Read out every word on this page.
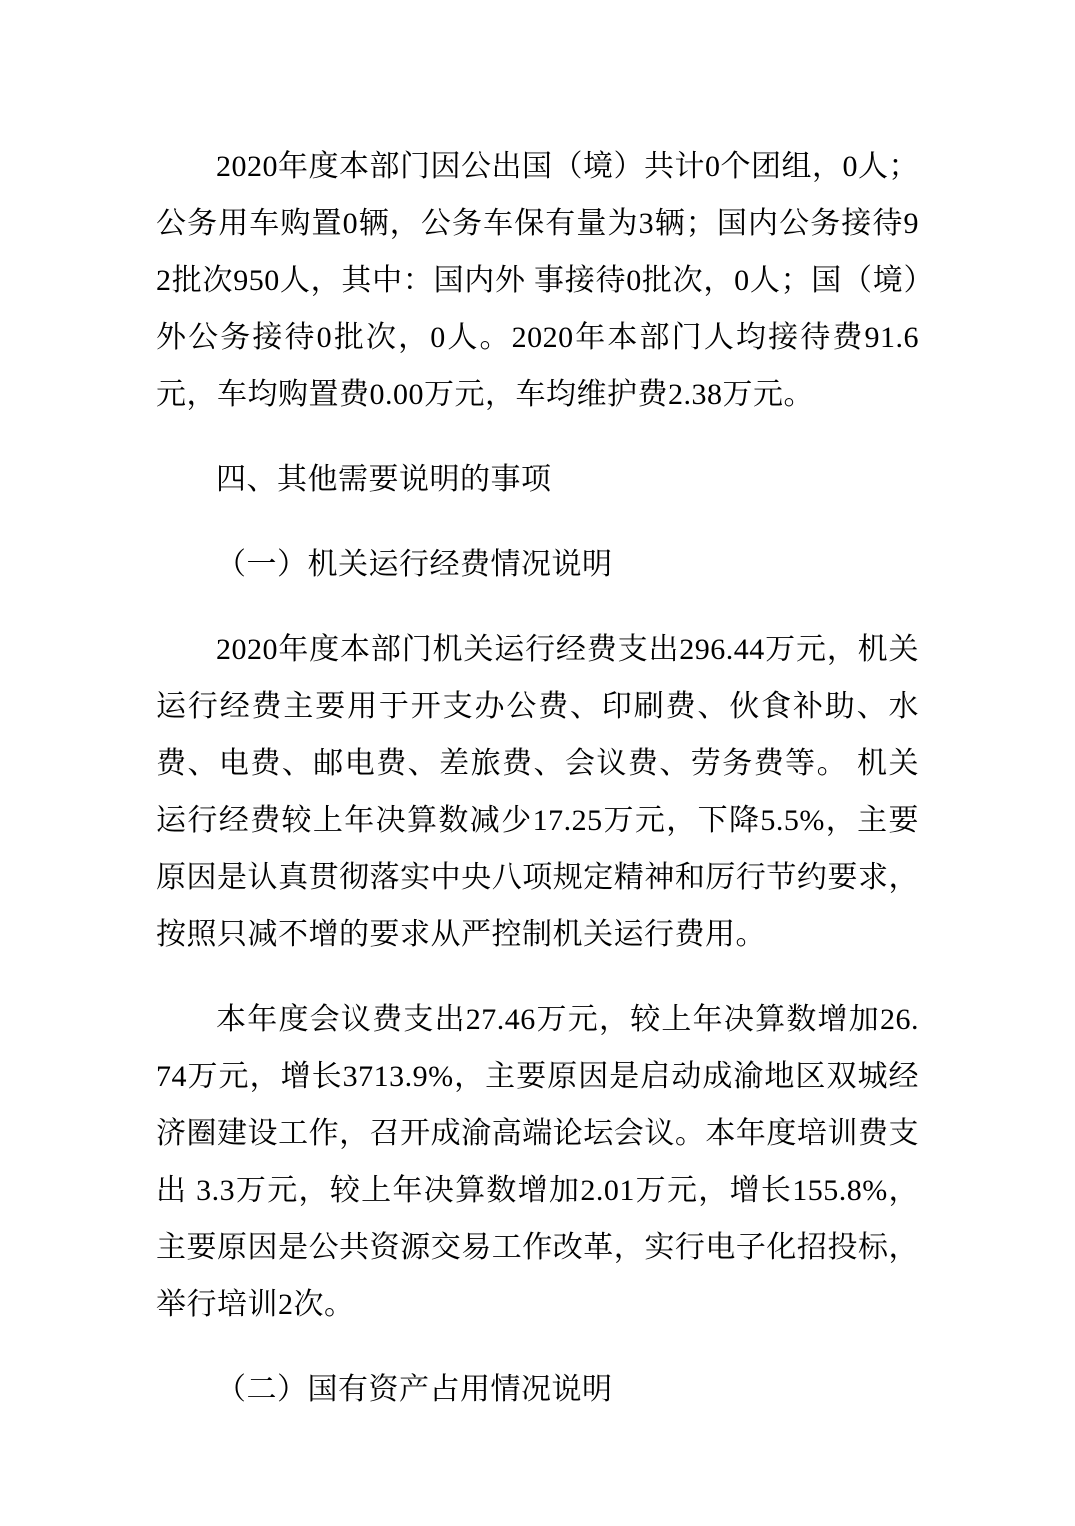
2020年度本部门因公出国（境）共计0个团组，0人；公务用车购置0辆，公务车保有量为3辆；国内公务接待92批次950人，其中：国内外 事接待0批次，0人；国（境）外公务接待0批次，0人。2020年本部门人均接待费91.6元，车均购置费0.00万元，车均维护费2.38万元。

四、其他需要说明的事项

（一）机关运行经费情况说明

2020年度本部门机关运行经费支出296.44万元，机关运行经费主要用于开支办公费、印刷费、伙食补助、水费、电费、邮电费、差旅费、会议费、劳务费等。 机关运行经费较上年决算数减少17.25万元，下降5.5%，主要原因是认真贯彻落实中央八项规定精神和厉行节约要求，按照只减不增的要求从严控制机关运行费用。

本年度会议费支出27.46万元，较上年决算数增加26.74万元，增长3713.9%，主要原因是启动成渝地区双城经济圈建设工作，召开成渝高端论坛会议。本年度培训费支出 3.3万元，较上年决算数增加2.01万元，增长155.8%，主要原因是公共资源交易工作改革，实行电子化招投标，举行培训2次。

（二）国有资产占用情况说明
